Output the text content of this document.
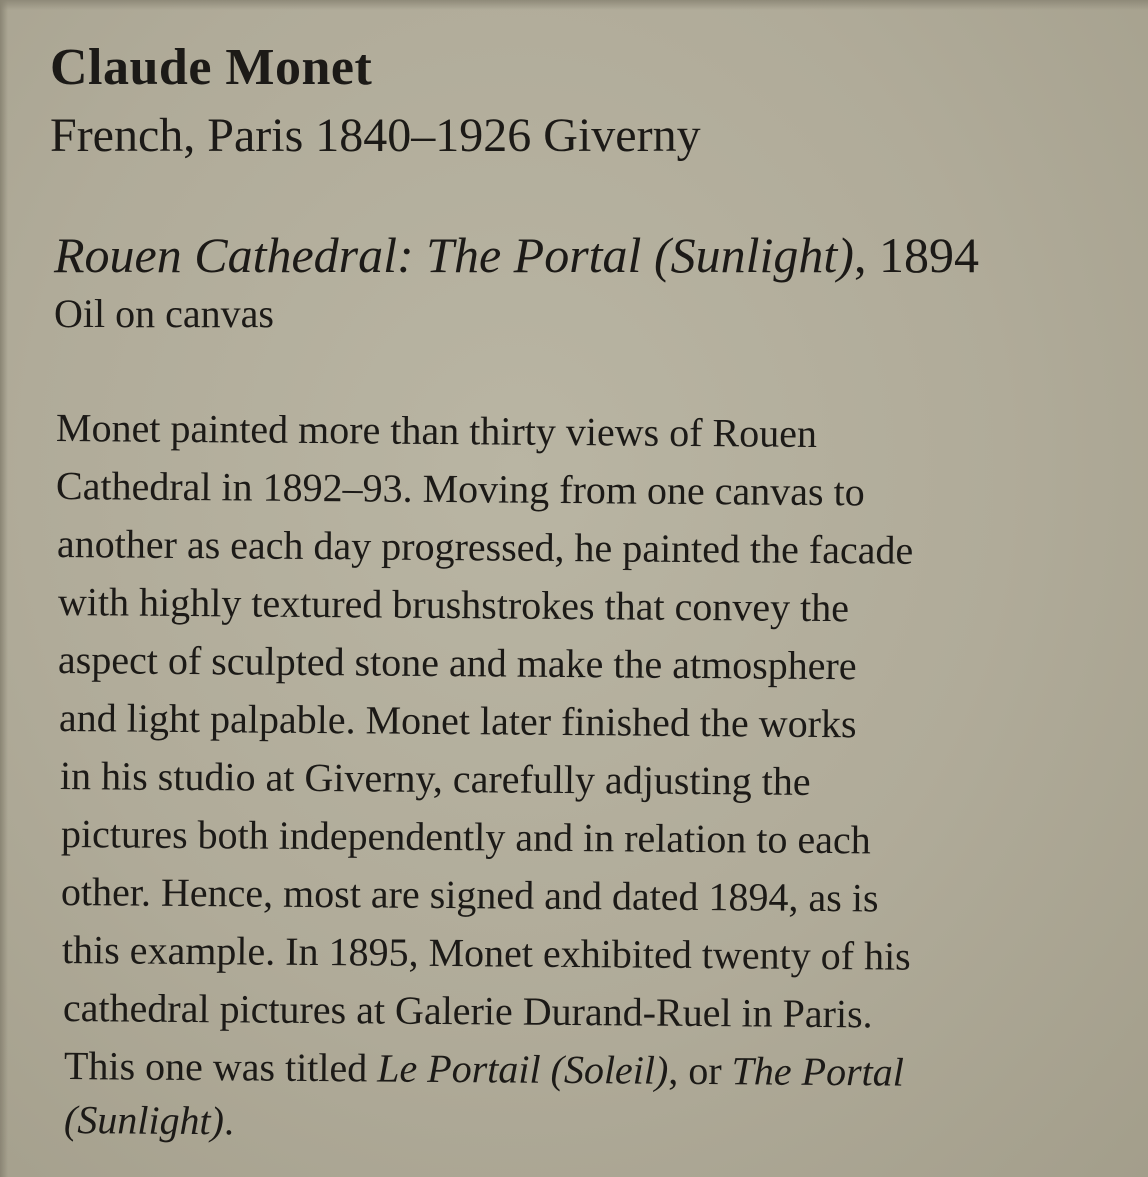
Claude Monet
French, Paris 1840–1926 Giverny
Rouen Cathedral: The Portal (Sunlight), 1894
Oil on canvas
Monet painted more than thirty views of Rouen
Cathedral in 1892–93. Moving from one canvas to
another as each day progressed, he painted the facade
with highly textured brushstrokes that convey the
aspect of sculpted stone and make the atmosphere
and light palpable. Monet later finished the works
in his studio at Giverny, carefully adjusting the
pictures both independently and in relation to each
other. Hence, most are signed and dated 1894, as is
this example. In 1895, Monet exhibited twenty of his
cathedral pictures at Galerie Durand-Ruel in Paris.
This one was titled Le Portail (Soleil), or The Portal
(Sunlight).
